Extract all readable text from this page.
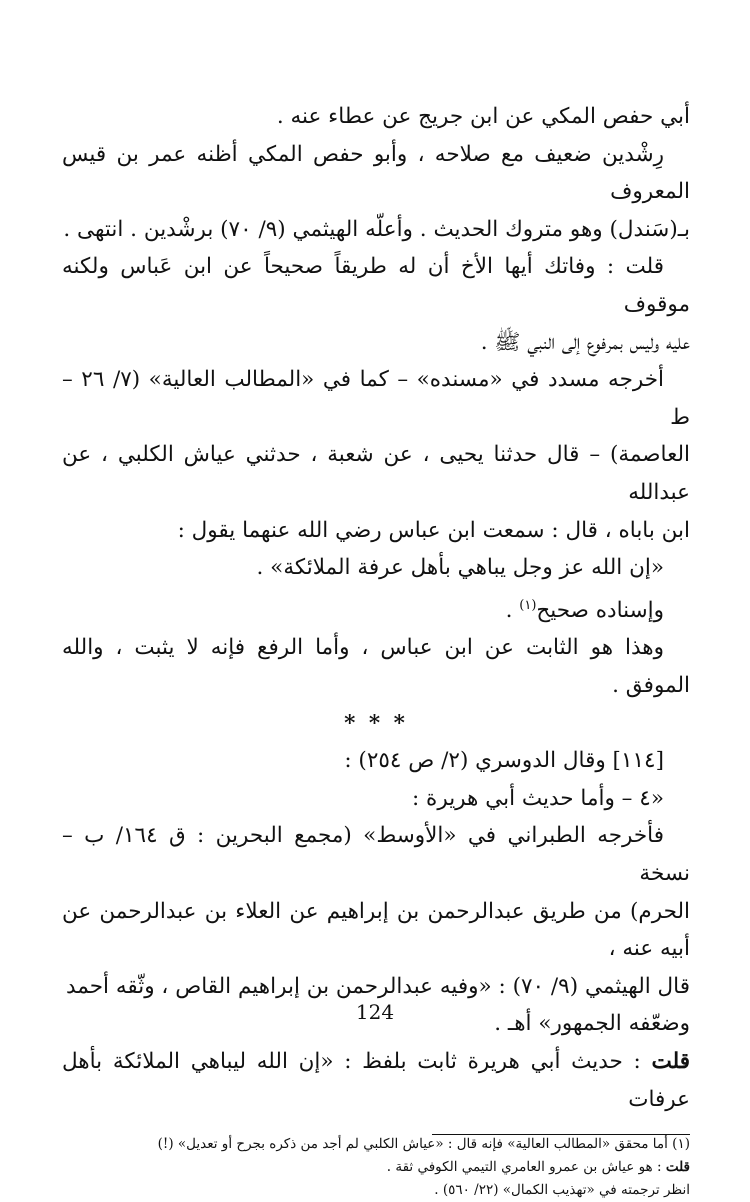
أبي حفص المكي عن ابن جريج عن عطاء عنه .

رِشْدين ضعيف مع صلاحه ، وأبو حفص المكي أظنه عمر بن قيس المعروف

بـ(سَندل) وهو متروك الحديث . وأعلّه الهيثمي (٩/ ٧٠) برشْدين . انتهى .

قلت : وفاتك أيها الأخ أن له طريقاً صحيحاً عن ابن عَباس ولكنه موقوف

عليه وليس بمرفوع إلى النبي ﷺ .

أخرجه مسدد في «مسنده» – كما في «المطالب العالية» (٧/ ٢٦ – ط

العاصمة) – قال حدثنا يحيى ، عن شعبة ، حدثني عياش الكلبي ، عن عبدالله

ابن باباه ، قال : سمعت ابن عباس رضي الله عنهما يقول :

«إن الله عز وجل يباهي بأهل عرفة الملائكة» .

وإسناده صحيح$^{(١)}$ .

وهذا هو الثابت عن ابن عباس ، وأما الرفع فإنه لا يثبت ، والله الموفق .

* * *

[١١٤] وقال الدوسري (٢/ ص ٢٥٤) :

«٤ – وأما حديث أبي هريرة :

فأخرجه الطبراني في «الأوسط» (مجمع البحرين : ق ١٦٤/ ب – نسخة

الحرم) من طريق عبدالرحمن بن إبراهيم عن العلاء بن عبدالرحمن عن أبيه عنه ،

قال الهيثمي (٩/ ٧٠) : «وفيه عبدالرحمن بن إبراهيم القاص ، وثّقه أحمد

وضعّفه الجمهور» أهـ .

قلت : حديث أبي هريرة ثابت بلفظ : «إن الله ليباهي الملائكة بأهل عرفات

(١) أما محقق «المطالب العالية» فإنه قال : «عياش الكلبي لم أجد من ذكره بجرح أو تعديل» (!)

قلت : هو عياش بن عمرو العامري التيمي الكوفي ثقة .

انظر ترجمته في «تهذيب الكمال» (٢٢/ ٥٦٠) .

124
